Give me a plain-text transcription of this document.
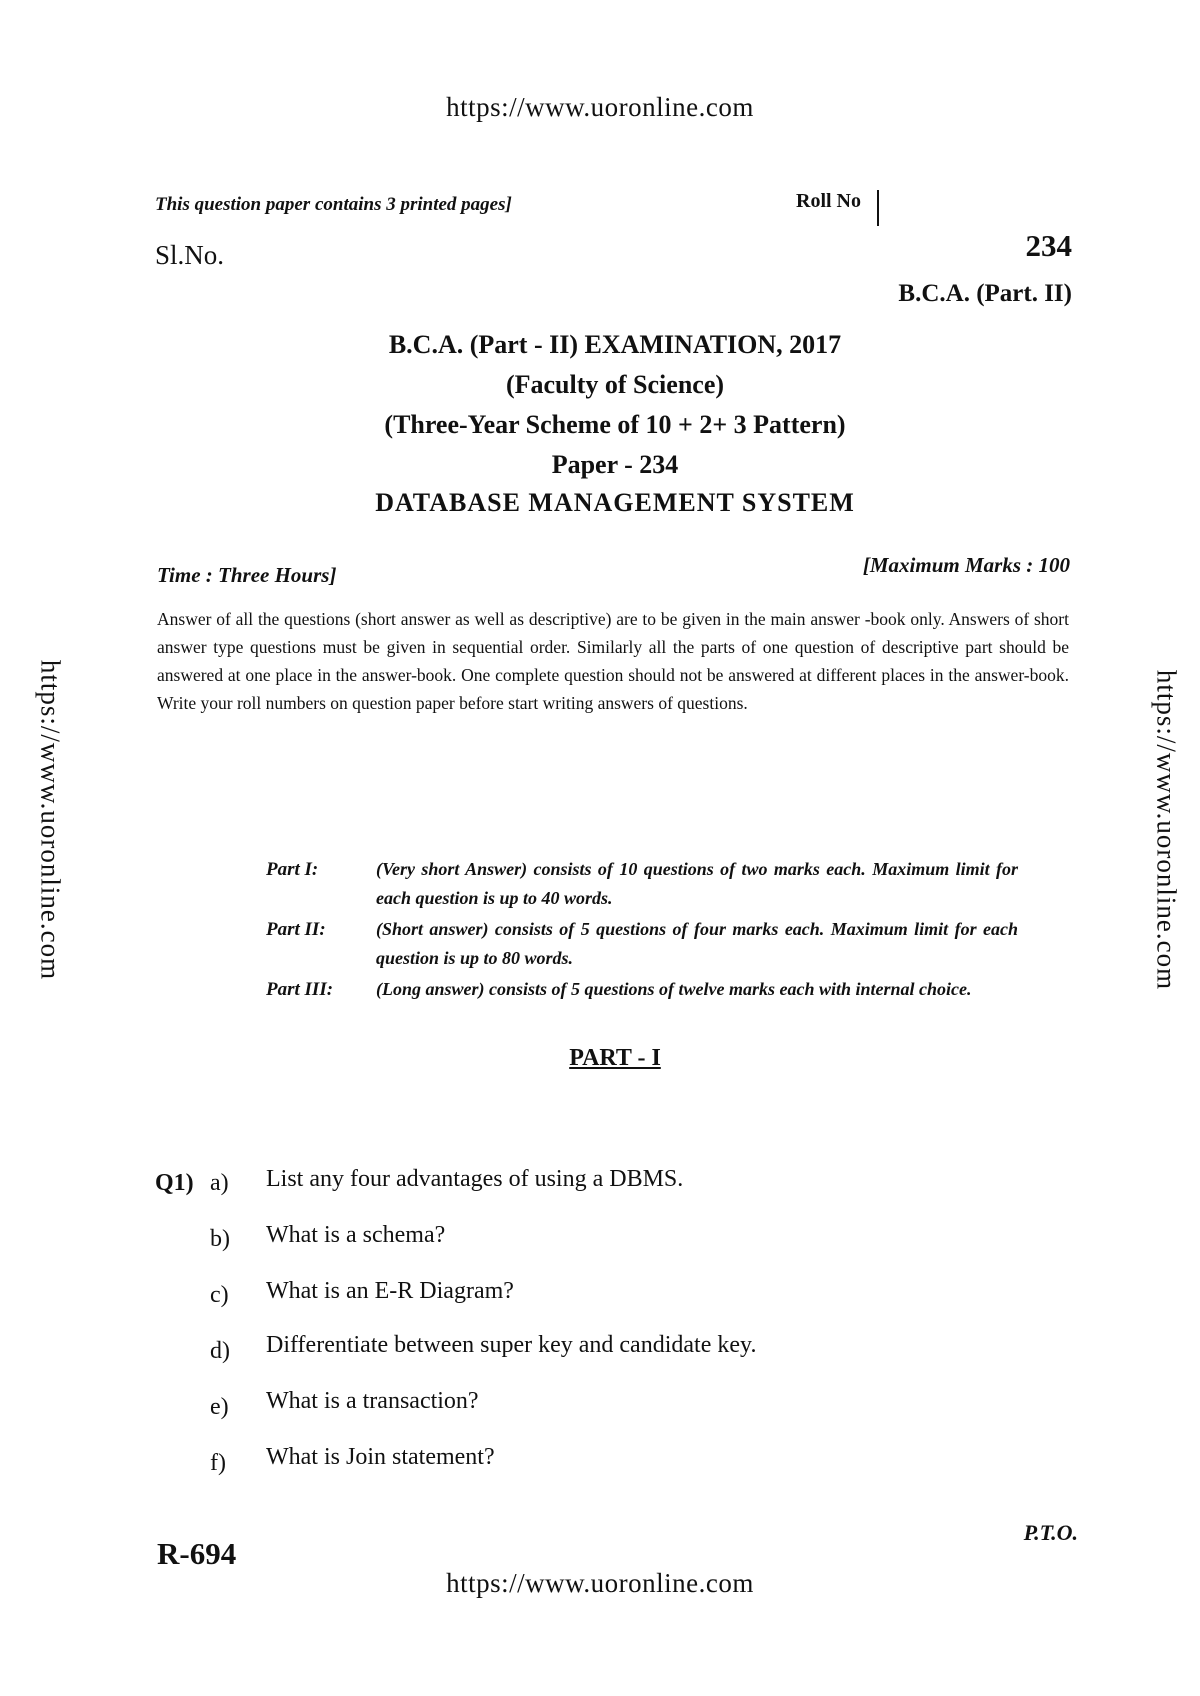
https://www.uoronline.com
https://www.uoronline.com
https://www.uoronline.com	https://www.uoronline.com
This question paper contains 3 printed pages]	Roll No
Sl.No.	234
B.C.A. (Part. II)
B.C.A. (Part - II) EXAMINATION, 2017
(Faculty of Science)
(Three-Year Scheme of 10 + 2+ 3 Pattern)
Paper - 234
DATABASE MANAGEMENT SYSTEM
Time : Three Hours]	[Maximum Marks : 100
Answer of all the questions (short answer as well as descriptive) are to be given in the main answer -book only. Answers of short answer type questions must be given in sequential order. Similarly all the parts of one question of descriptive part should be answered at one place in the answer-book. One complete question should not be answered at different places in the answer-book. Write your roll numbers on question paper before start writing answers of questions.
Part I:	(Very short Answer) consists of 10 questions of two marks each. Maximum limit for each question is up to 40 words.
Part II:	(Short answer) consists of 5 questions of four marks each. Maximum limit for each question is up to 80 words.
Part III:	(Long answer) consists of 5 questions of twelve marks each with internal choice.
PART - I
Q1) a) List any four advantages of using a DBMS.
b) What is a schema?
c) What is an E-R Diagram?
d) Differentiate between super key and candidate key.
e) What is a transaction?
f) What is Join statement?
P.T.O.
R-694
